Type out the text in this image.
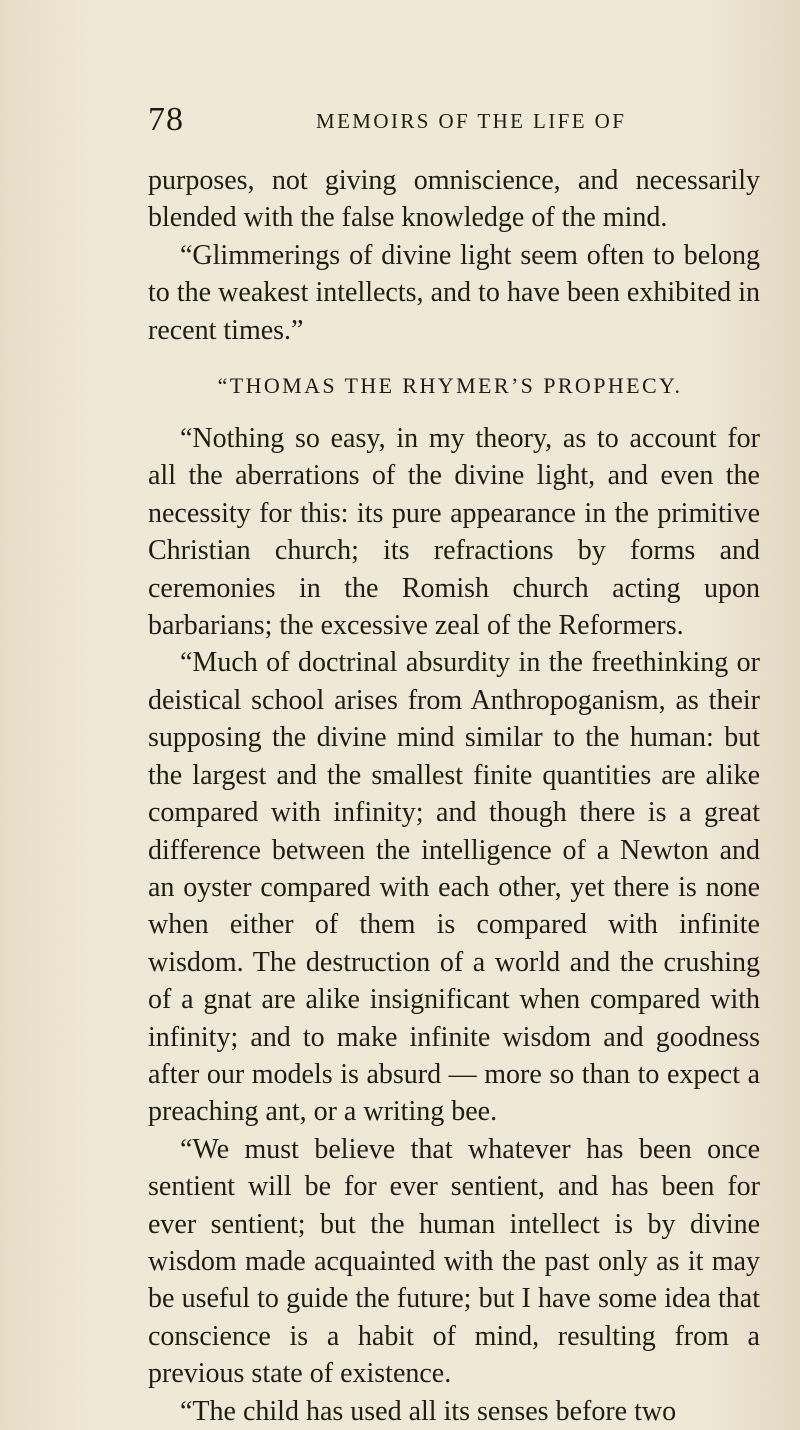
78	MEMOIRS OF THE LIFE OF

purposes, not giving omniscience, and necessarily blended with the false knowledge of the mind.

“Glimmerings of divine light seem often to belong to the weakest intellects, and to have been exhibited in recent times.”

“THOMAS THE RHYMER’S PROPHECY.

“Nothing so easy, in my theory, as to account for all the aberrations of the divine light, and even the necessity for this: its pure appearance in the primitive Christian church; its refractions by forms and ceremonies in the Romish church acting upon barbarians; the excessive zeal of the Reformers.

“Much of doctrinal absurdity in the freethinking or deistical school arises from Anthropoganism, as their supposing the divine mind similar to the human: but the largest and the smallest finite quantities are alike compared with infinity; and though there is a great difference between the intelligence of a Newton and an oyster compared with each other, yet there is none when either of them is compared with infinite wisdom. The destruction of a world and the crushing of a gnat are alike insignificant when compared with infinity; and to make infinite wisdom and goodness after our models is absurd — more so than to expect a preaching ant, or a writing bee.

“We must believe that whatever has been once sentient will be for ever sentient, and has been for ever sentient; but the human intellect is by divine wisdom made acquainted with the past only as it may be useful to guide the future; but I have some idea that conscience is a habit of mind, resulting from a previous state of existence.

“The child has used all its senses before two
